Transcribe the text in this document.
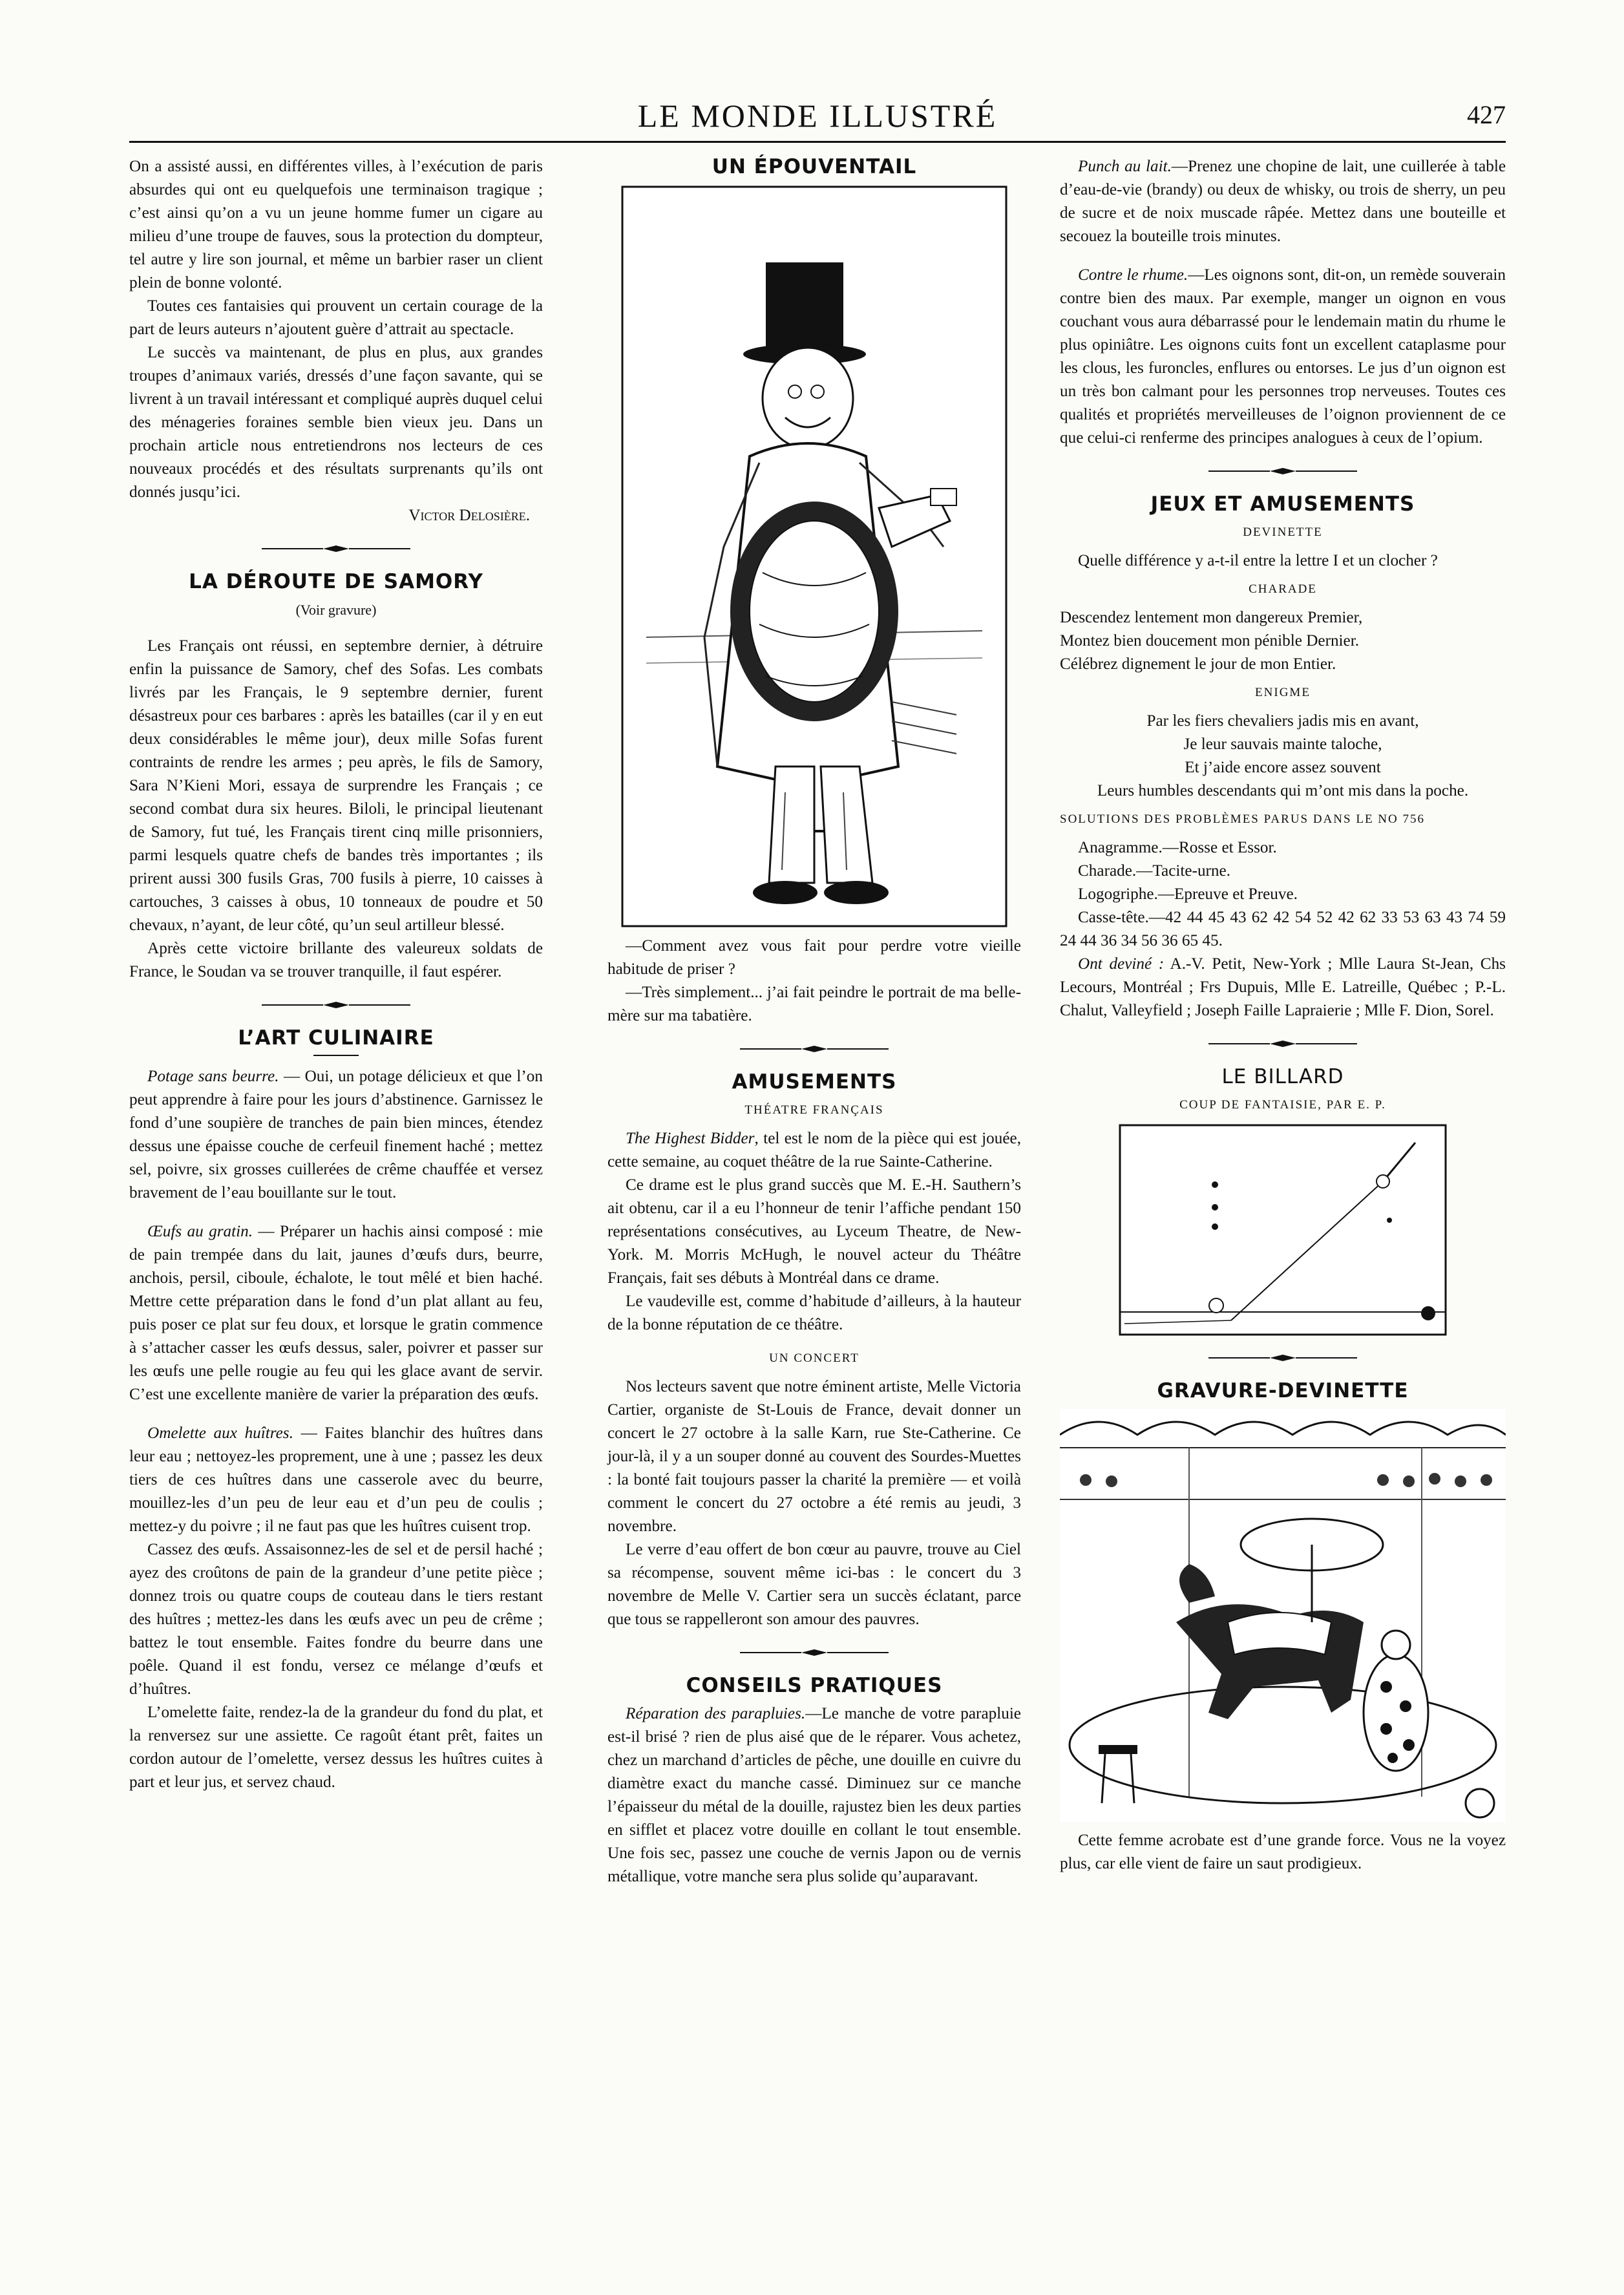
LE MONDE ILLUSTRÉ	427

On a assisté aussi, en différentes villes, à l’exécution de paris absurdes qui ont eu quelquefois une terminaison tragique ; c’est ainsi qu’on a vu un jeune homme fumer un cigare au milieu d’une troupe de fauves, sous la protection du dompteur, tel autre y lire son journal, et même un barbier raser un client plein de bonne volonté.

Toutes ces fantaisies qui prouvent un certain courage de la part de leurs auteurs n’ajoutent guère d’attrait au spectacle.

Le succès va maintenant, de plus en plus, aux grandes troupes d’animaux variés, dressés d’une façon savante, qui se livrent à un travail intéressant et compliqué auprès duquel celui des ménageries foraines semble bien vieux jeu. Dans un prochain article nous entretiendrons nos lecteurs de ces nouveaux procédés et des résultats surprenants qu’ils ont donnés jusqu’ici.

Victor Delosière.
LA DÉROUTE DE SAMORY
(Voir gravure)

Les Français ont réussi, en septembre dernier, à détruire enfin la puissance de Samory, chef des Sofas. Les combats livrés par les Français, le 9 septembre dernier, furent désastreux pour ces barbares : après les batailles (car il y en eut deux considérables le même jour), deux mille Sofas furent contraints de rendre les armes ; peu après, le fils de Samory, Sara N’Kieni Mori, essaya de surprendre les Français ; ce second combat dura six heures. Biloli, le principal lieutenant de Samory, fut tué, les Français tirent cinq mille prisonniers, parmi lesquels quatre chefs de bandes très importantes ; ils prirent aussi 300 fusils Gras, 700 fusils à pierre, 10 caisses à cartouches, 3 caisses à obus, 10 tonneaux de poudre et 50 chevaux, n’ayant, de leur côté, qu’un seul artilleur blessé.

Après cette victoire brillante des valeureux soldats de France, le Soudan va se trouver tranquille, il faut espérer.

L’ART CULINAIRE

Potage sans beurre. — Oui, un potage délicieux et que l’on peut apprendre à faire pour les jours d’abstinence. Garnissez le fond d’une soupière de tranches de pain bien minces, étendez dessus une épaisse couche de cerfeuil finement haché ; mettez sel, poivre, six grosses cuillerées de crême chauffée et versez bravement de l’eau bouillante sur le tout.

Œufs au gratin. — Préparer un hachis ainsi composé : mie de pain trempée dans du lait, jaunes d’œufs durs, beurre, anchois, persil, ciboule, échalote, le tout mêlé et bien haché. Mettre cette préparation dans le fond d’un plat allant au feu, puis poser ce plat sur feu doux, et lorsque le gratin commence à s’attacher casser les œufs dessus, saler, poivrer et passer sur les œufs une pelle rougie au feu qui les glace avant de servir. C’est une excellente manière de varier la préparation des œufs.

Omelette aux huîtres. — Faites blanchir des huîtres dans leur eau ; nettoyez-les proprement, une à une ; passez les deux tiers de ces huîtres dans une casserole avec du beurre, mouillez-les d’un peu de leur eau et d’un peu de coulis ; mettez-y du poivre ; il ne faut pas que les huîtres cuisent trop.

Cassez des œufs. Assaisonnez-les de sel et de persil haché ; ayez des croûtons de pain de la grandeur d’une petite pièce ; donnez trois ou quatre coups de couteau dans le tiers restant des huîtres ; mettez-les dans les œufs avec un peu de crême ; battez le tout ensemble. Faites fondre du beurre dans une poêle. Quand il est fondu, versez ce mélange d’œufs et d’huîtres.

L’omelette faite, rendez-la de la grandeur du fond du plat, et la renversez sur une assiette. Ce ragoût étant prêt, faites un cordon autour de l’omelette, versez dessus les huîtres cuites à part et leur jus, et servez chaud.

UN ÉPOUVENTAIL

—Comment avez vous fait pour perdre votre vieille habitude de priser ?

—Très simplement... j’ai fait peindre le portrait de ma belle-mère sur ma tabatière.

AMUSEMENTS
THÉATRE FRANÇAIS

The Highest Bidder, tel est le nom de la pièce qui est jouée, cette semaine, au coquet théâtre de la rue Sainte-Catherine.

Ce drame est le plus grand succès que M. E.-H. Sauthern’s ait obtenu, car il a eu l’honneur de tenir l’affiche pendant 150 représentations consécutives, au Lyceum Theatre, de New-York. M. Morris McHugh, le nouvel acteur du Théâtre Français, fait ses débuts à Montréal dans ce drame.

Le vaudeville est, comme d’habitude d’ailleurs, à la hauteur de la bonne réputation de ce théâtre.

UN CONCERT

Nos lecteurs savent que notre éminent artiste, Melle Victoria Cartier, organiste de St-Louis de France, devait donner un concert le 27 octobre à la salle Karn, rue Ste-Catherine. Ce jour-là, il y a un souper donné au couvent des Sourdes-Muettes : la bonté fait toujours passer la charité la première — et voilà comment le concert du 27 octobre a été remis au jeudi, 3 novembre.

Le verre d’eau offert de bon cœur au pauvre, trouve au Ciel sa récompense, souvent même ici-bas : le concert du 3 novembre de Melle V. Cartier sera un succès éclatant, parce que tous se rappelleront son amour des pauvres.

CONSEILS PRATIQUES

Réparation des parapluies.—Le manche de votre parapluie est-il brisé ? rien de plus aisé que de le réparer. Vous achetez, chez un marchand d’articles de pêche, une douille en cuivre du diamètre exact du manche cassé. Diminuez sur ce manche l’épaisseur du métal de la douille, rajustez bien les deux parties en sifflet et placez votre douille en collant le tout ensemble. Une fois sec, passez une couche de vernis Japon ou de vernis métallique, votre manche sera plus solide qu’auparavant.

Punch au lait.—Prenez une chopine de lait, une cuillerée à table d’eau-de-vie (brandy) ou deux de whisky, ou trois de sherry, un peu de sucre et de noix muscade râpée. Mettez dans une bouteille et secouez la bouteille trois minutes.

Contre le rhume.—Les oignons sont, dit-on, un remède souverain contre bien des maux. Par exemple, manger un oignon en vous couchant vous aura débarrassé pour le lendemain matin du rhume le plus opiniâtre. Les oignons cuits font un excellent cataplasme pour les clous, les furoncles, enflures ou entorses. Le jus d’un oignon est un très bon calmant pour les personnes trop nerveuses. Toutes ces qualités et propriétés merveilleuses de l’oignon proviennent de ce que celui-ci renferme des principes analogues à ceux de l’opium.

JEUX ET AMUSEMENTS
DEVINETTE

Quelle différence y a-t-il entre la lettre I et un clocher ?

CHARADE

Descendez lentement mon dangereux Premier,

Montez bien doucement mon pénible Dernier.

Célébrez dignement le jour de mon Entier.

ENIGME
Par les fiers chevaliers jadis mis en avant,
Je leur sauvais mainte taloche,
Et j’aide encore assez souvent
Leurs humbles descendants qui m’ont mis dans la poche.
SOLUTIONS DES PROBLÈMES PARUS DANS LE NO 756

Anagramme.—Rosse et Essor.

Charade.—Tacite-urne.

Logogriphe.—Epreuve et Preuve.

Casse-tête.—42 44 45 43 62 42 54 52 42 62 33 53 63 43 74 59 24 44 36 34 56 36 65 45.

Ont deviné : A.-V. Petit, New-York ; Mlle Laura St-Jean, Chs Lecours, Montréal ; Frs Dupuis, Mlle E. Latreille, Québec ; P.-L. Chalut, Valleyfield ; Joseph Faille Lapraierie ; Mlle F. Dion, Sorel.

LE BILLARD
COUP DE FANTAISIE, PAR E. P.
GRAVURE-DEVINETTE

Cette femme acrobate est d’une grande force. Vous ne la voyez plus, car elle vient de faire un saut prodigieux.
